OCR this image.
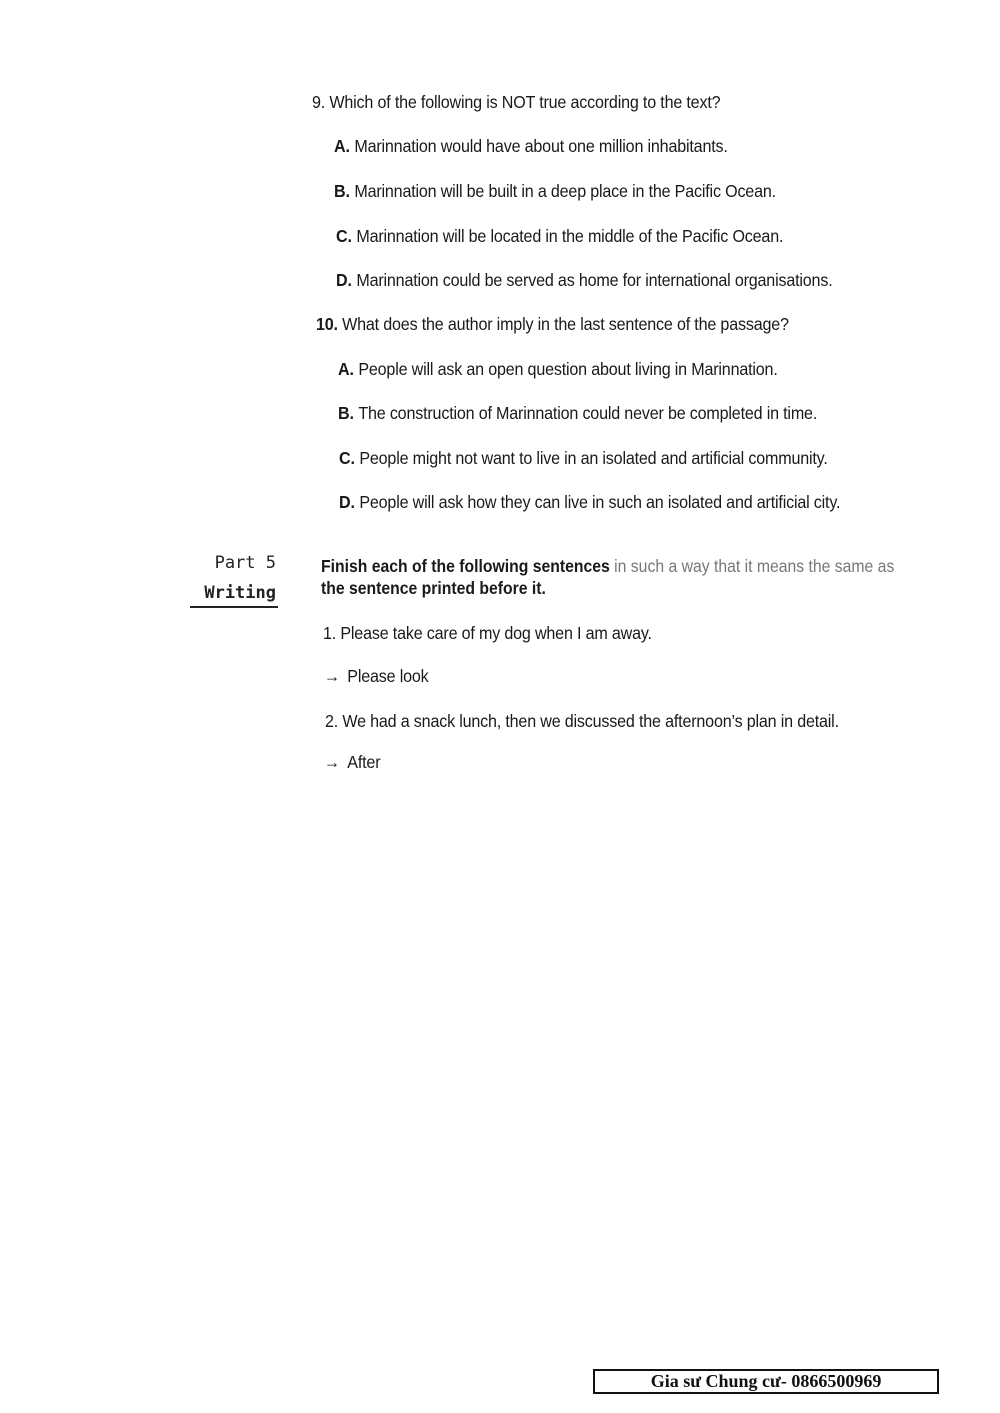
9. Which of the following is NOT true according to the text?
A. Marinnation would have about one million inhabitants.
B. Marinnation will be built in a deep place in the Pacific Ocean.
C. Marinnation will be located in the middle of the Pacific Ocean.
D. Marinnation could be served as home for international organisations.
10. What does the author imply in the last sentence of the passage?
A. People will ask an open question about living in Marinnation.
B. The construction of Marinnation could never be completed in time.
C. People might not want to live in an isolated and artificial community.
D. People will ask how they can live in such an isolated and artificial city.
Part 5
Writing
Finish each of the following sentences in such a way that it means the same as
the sentence printed before it.
1. Please take care of my dog when I am away.
→ Please look
2. We had a snack lunch, then we discussed the afternoon’s plan in detail.
→ After
Gia sư Chung cư- 0866500969
